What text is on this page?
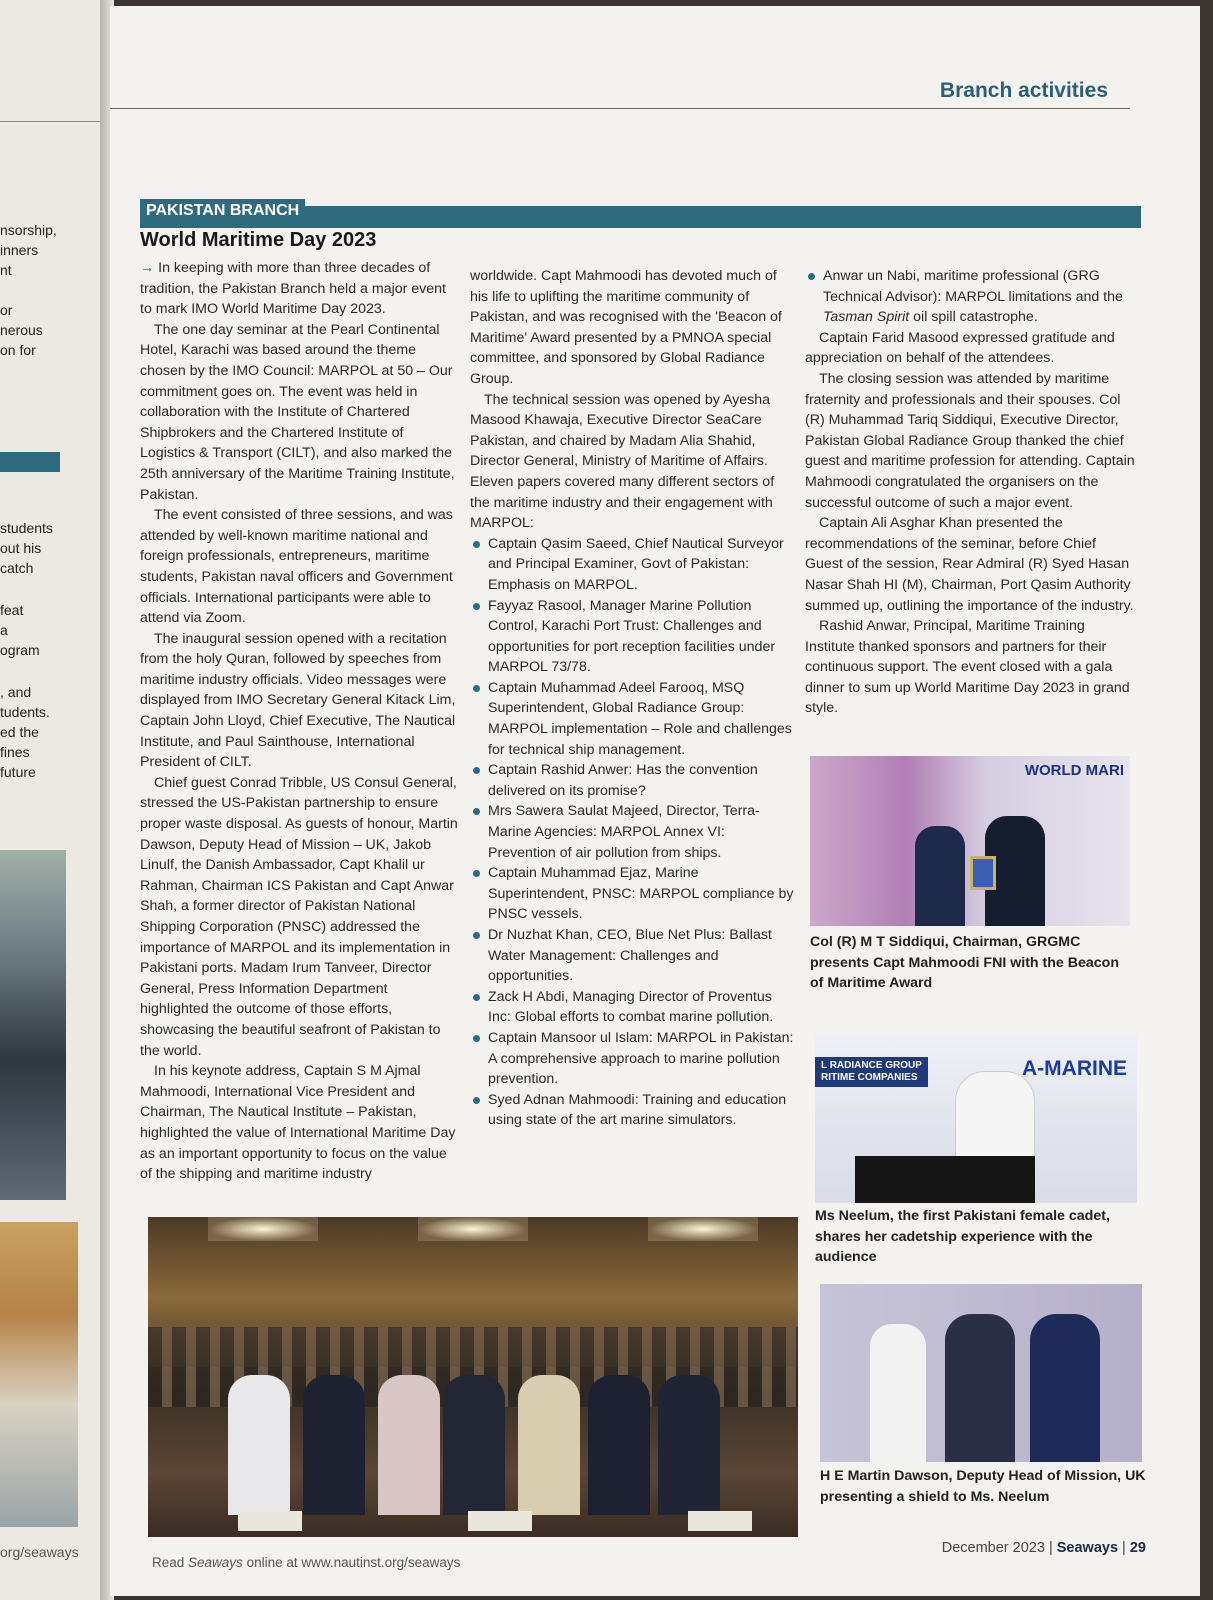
nsorship,
inners
nt
or
nerous
on for
students
out his
catch
feat
a
ogram
, and
tudents.
ed the
fines
future
org/seaways
Branch activities
PAKISTAN BRANCH
World Maritime Day 2023

→ In keeping with more than three decades of tradition, the Pakistan Branch held a major event to mark IMO World Maritime Day 2023.

The one day seminar at the Pearl Continental Hotel, Karachi was based around the theme chosen by the IMO Council: MARPOL at 50 – Our commitment goes on. The event was held in collaboration with the Institute of Chartered Shipbrokers and the Chartered Institute of Logistics & Transport (CILT), and also marked the 25th anniversary of the Maritime Training Institute, Pakistan.

The event consisted of three sessions, and was attended by well-known maritime national and foreign professionals, entrepreneurs, maritime students, Pakistan naval officers and Government officials. International participants were able to attend via Zoom.

The inaugural session opened with a recitation from the holy Quran, followed by speeches from maritime industry officials. Video messages were displayed from IMO Secretary General Kitack Lim, Captain John Lloyd, Chief Executive, The Nautical Institute, and Paul Sainthouse, International President of CILT.

Chief guest Conrad Tribble, US Consul General, stressed the US-Pakistan partnership to ensure proper waste disposal. As guests of honour, Martin Dawson, Deputy Head of Mission – UK, Jakob Linulf, the Danish Ambassador, Capt Khalil ur Rahman, Chairman ICS Pakistan and Capt Anwar Shah, a former director of Pakistan National Shipping Corporation (PNSC) addressed the importance of MARPOL and its implementation in Pakistani ports. Madam Irum Tanveer, Director General, Press Information Department highlighted the outcome of those efforts, showcasing the beautiful seafront of Pakistan to the world.

In his keynote address, Captain S M Ajmal Mahmoodi, International Vice President and Chairman, The Nautical Institute – Pakistan, highlighted the value of International Maritime Day as an important opportunity to focus on the value of the shipping and maritime industry

worldwide. Capt Mahmoodi has devoted much of his life to uplifting the maritime community of Pakistan, and was recognised with the 'Beacon of Maritime' Award presented by a PMNOA special committee, and sponsored by Global Radiance Group.

The technical session was opened by Ayesha Masood Khawaja, Executive Director SeaCare Pakistan, and chaired by Madam Alia Shahid, Director General, Ministry of Maritime of Affairs. Eleven papers covered many different sectors of the maritime industry and their engagement with MARPOL:

Captain Qasim Saeed, Chief Nautical Surveyor and Principal Examiner, Govt of Pakistan: Emphasis on MARPOL.
Fayyaz Rasool, Manager Marine Pollution Control, Karachi Port Trust: Challenges and opportunities for port reception facilities under MARPOL 73/78.
Captain Muhammad Adeel Farooq, MSQ Superintendent, Global Radiance Group: MARPOL implementation – Role and challenges for technical ship management.
Captain Rashid Anwer: Has the convention delivered on its promise?
Mrs Sawera Saulat Majeed, Director, Terra-Marine Agencies: MARPOL Annex VI: Prevention of air pollution from ships.
Captain Muhammad Ejaz, Marine Superintendent, PNSC: MARPOL compliance by PNSC vessels.
Dr Nuzhat Khan, CEO, Blue Net Plus: Ballast Water Management: Challenges and opportunities.
Zack H Abdi, Managing Director of Proventus Inc: Global efforts to combat marine pollution.
Captain Mansoor ul Islam: MARPOL in Pakistan: A comprehensive approach to marine pollution prevention.
Syed Adnan Mahmoodi: Training and education using state of the art marine simulators.
Anwar un Nabi, maritime professional (GRG Technical Advisor): MARPOL limitations and the Tasman Spirit oil spill catastrophe.

Captain Farid Masood expressed gratitude and appreciation on behalf of the attendees.

The closing session was attended by maritime fraternity and professionals and their spouses. Col (R) Muhammad Tariq Siddiqui, Executive Director, Pakistan Global Radiance Group thanked the chief guest and maritime profession for attending. Captain Mahmoodi congratulated the organisers on the successful outcome of such a major event.

Captain Ali Asghar Khan presented the recommendations of the seminar, before Chief Guest of the session, Rear Admiral (R) Syed Hasan Nasar Shah HI (M), Chairman, Port Qasim Authority summed up, outlining the importance of the industry.

Rashid Anwar, Principal, Maritime Training Institute thanked sponsors and partners for their continuous support. The event closed with a gala dinner to sum up World Maritime Day 2023 in grand style.

WORLD MARI
Col (R) M T Siddiqui, Chairman, GRGMC presents Capt Mahmoodi FNI with the Beacon of Maritime Award
L RADIANCE GROUP
RITIME COMPANIES	A-MARINE
Ms Neelum, the first Pakistani female cadet, shares her cadetship experience with the audience
H E Martin Dawson, Deputy Head of Mission, UK presenting a shield to Ms. Neelum
Read Seaways online at www.nautinst.org/seaways
December 2023 | Seaways | 29
